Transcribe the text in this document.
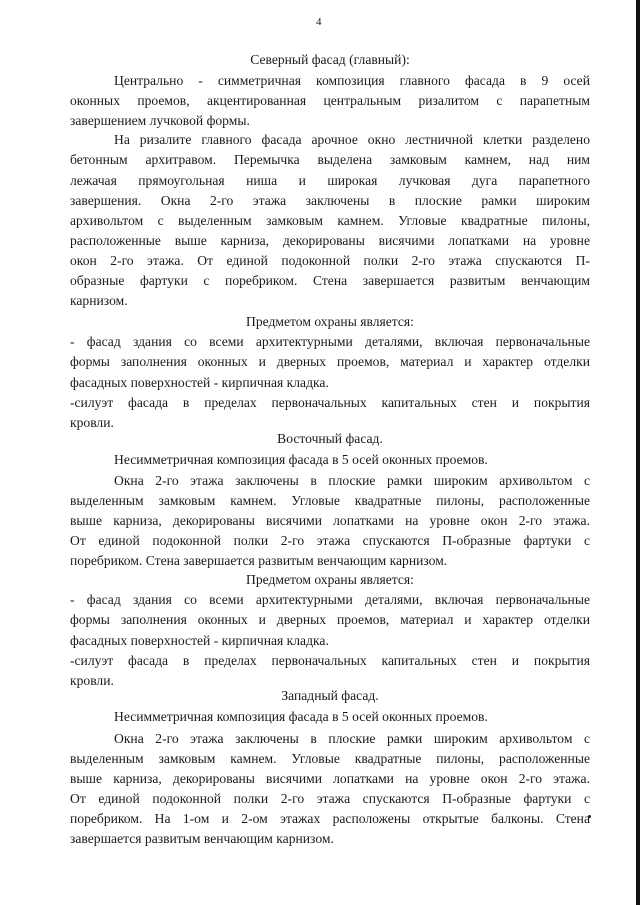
4
Северный фасад (главный):
Центрально - симметричная композиция главного фасада в 9 осей
оконных проемов, акцентированная центральным ризалитом с парапетным
завершением лучковой формы.
На ризалите главного фасада арочное окно лестничной клетки разделено
бетонным архитравом. Перемычка выделена замковым камнем, над ним
лежачая прямоугольная ниша и широкая лучковая дуга парапетного
завершения. Окна 2-го этажа заключены в плоские рамки широким
архивольтом с выделенным замковым камнем. Угловые квадратные пилоны,
расположенные выше карниза, декорированы висячими лопатками на уровне
окон 2-го этажа. От единой подоконной полки 2-го этажа спускаются П-
образные фартуки с поребриком. Стена завершается развитым венчающим
карнизом.
Предметом охраны является:
- фасад здания со всеми архитектурными деталями, включая первоначальные
формы заполнения оконных и дверных проемов, материал и характер отделки
фасадных поверхностей - кирпичная кладка.
-силуэт фасада в пределах первоначальных капитальных стен и покрытия
кровли.
Восточный фасад.
Несимметричная композиция фасада в 5 осей оконных проемов.
Окна 2-го этажа заключены в плоские рамки широким архивольтом с
выделенным замковым камнем. Угловые квадратные пилоны, расположенные
выше карниза, декорированы висячими лопатками на уровне окон 2-го этажа.
От единой подоконной полки 2-го этажа спускаются П-образные фартуки с
поребриком. Стена завершается развитым венчающим карнизом.
Предметом охраны является:
- фасад здания со всеми архитектурными деталями, включая первоначальные
формы заполнения оконных и дверных проемов, материал и характер отделки
фасадных поверхностей - кирпичная кладка.
-силуэт фасада в пределах первоначальных капитальных стен и покрытия
кровли.
Западный фасад.
Несимметричная композиция фасада в 5 осей оконных проемов.
Окна 2-го этажа заключены в плоские рамки широким архивольтом с
выделенным замковым камнем. Угловые квадратные пилоны, расположенные
выше карниза, декорированы висячими лопатками на уровне окон 2-го этажа.
От единой подоконной полки 2-го этажа спускаются П-образные фартуки с
поребриком. На 1-ом и 2-ом этажах расположены открытые балконы. Стена
завершается развитым венчающим карнизом.
